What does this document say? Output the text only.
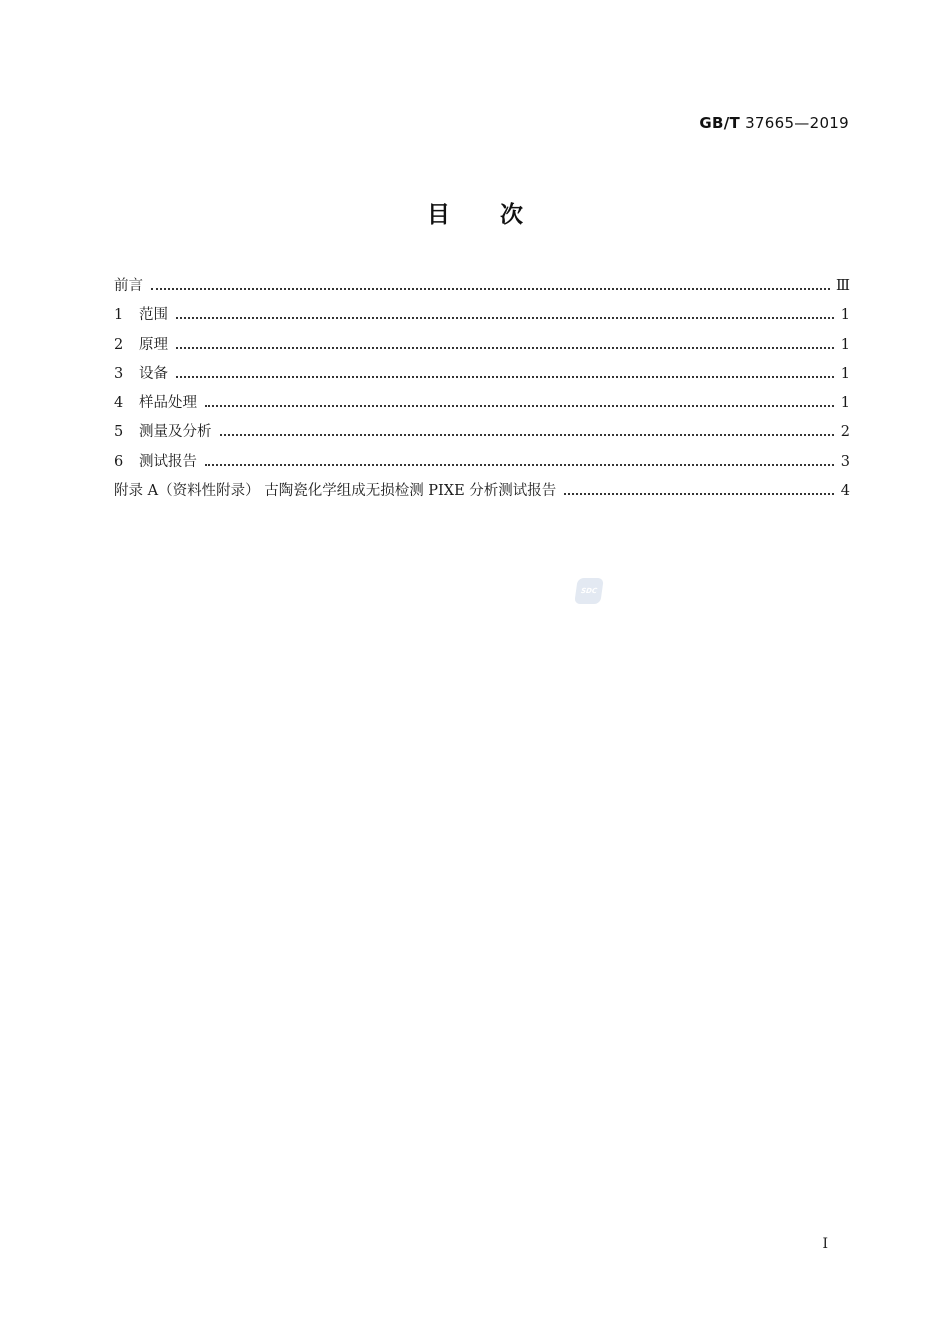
GB/T 37665—2019
目次
前言	Ⅲ
1	范围	1
2	原理	1
3	设备	1
4	样品处理	1
5	测量及分析	2
6	测试报告	3
附录 A（资料性附录） 古陶瓷化学组成无损检测 PIXE 分析测试报告	4
SDC
Ⅰ
